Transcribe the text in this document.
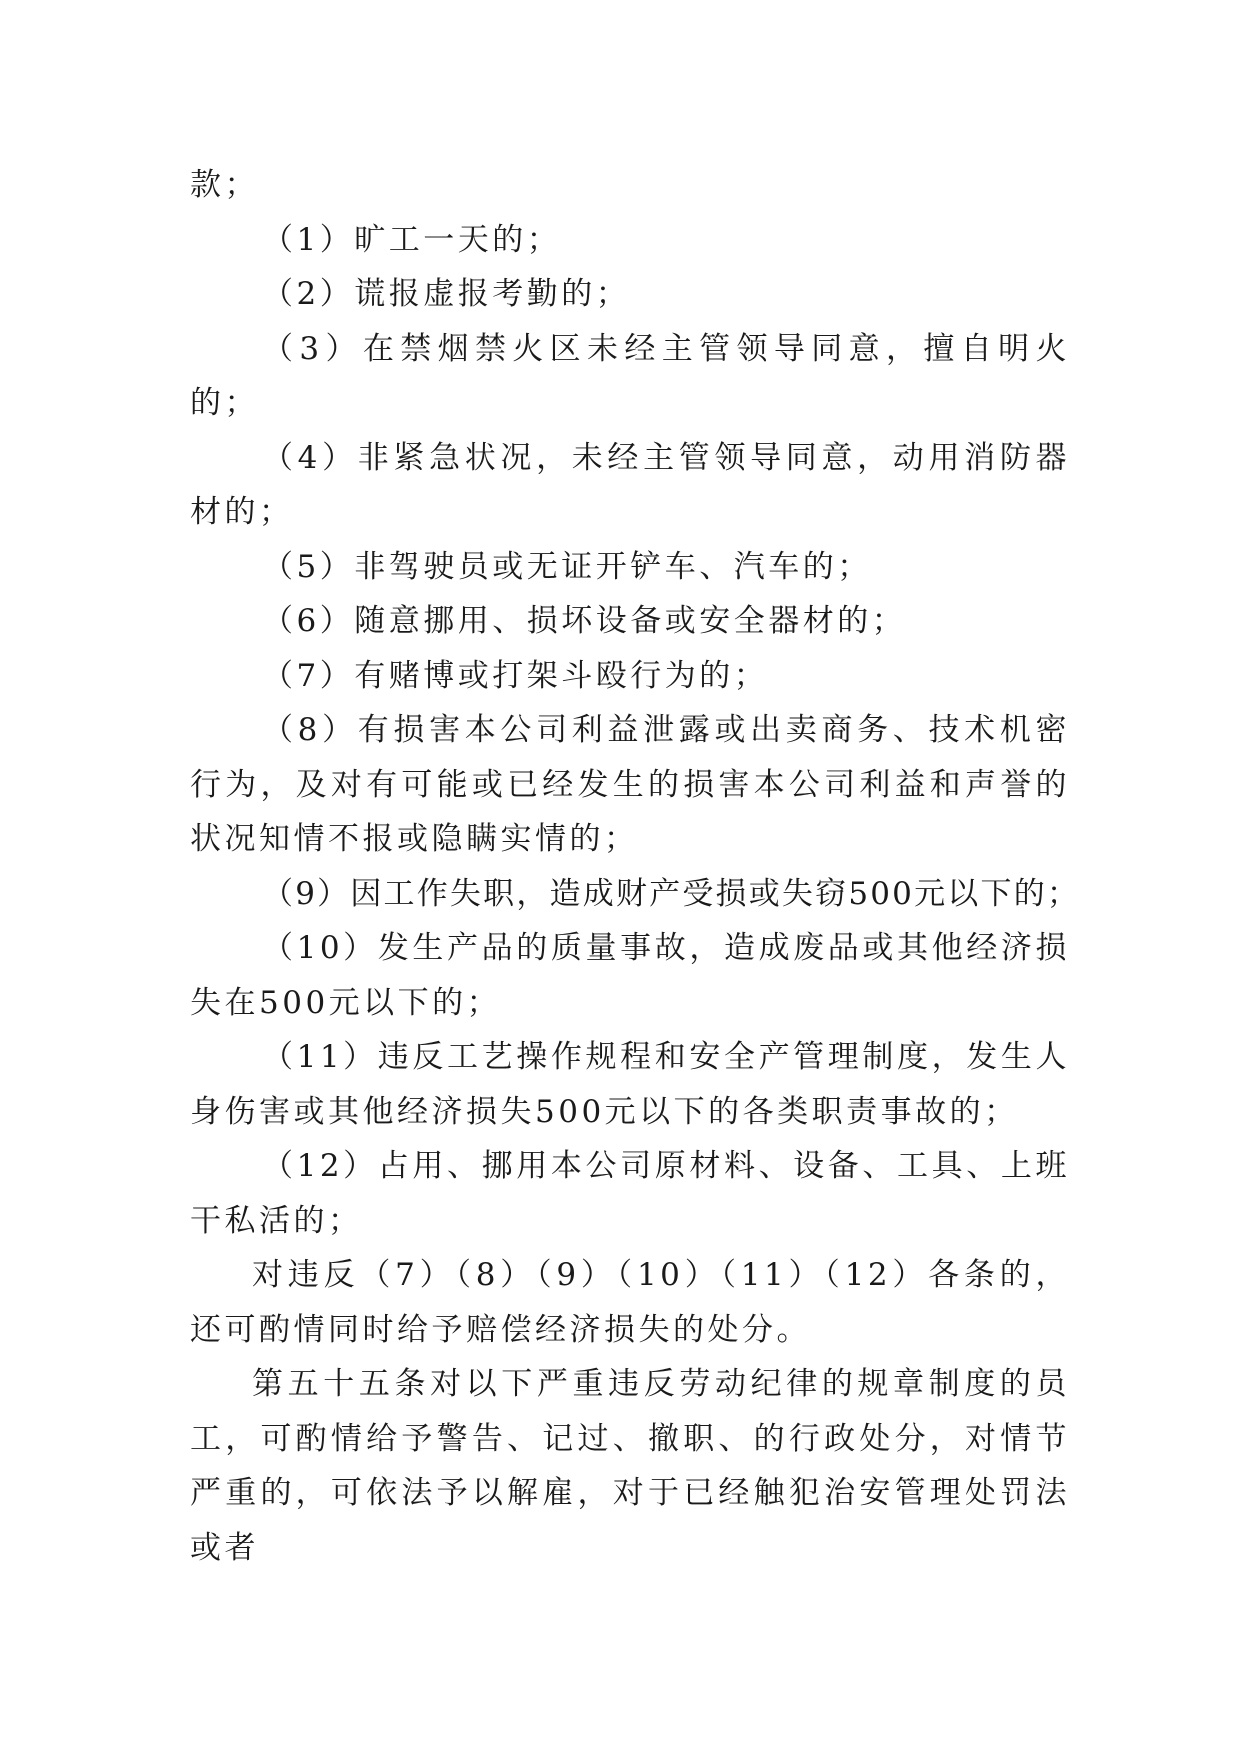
款；

（1）旷工一天的；

（2）谎报虚报考勤的；

（3）在禁烟禁火区未经主管领导同意，擅自明火的；

（4）非紧急状况，未经主管领导同意，动用消防器材的；

（5）非驾驶员或无证开铲车、汽车的；

（6）随意挪用、损坏设备或安全器材的；

（7）有赌博或打架斗殴行为的；

（8）有损害本公司利益泄露或出卖商务、技术机密行为，及对有可能或已经发生的损害本公司利益和声誉的状况知情不报或隐瞒实情的；

（9）因工作失职，造成财产受损或失窃500元以下的；

（10）发生产品的质量事故，造成废品或其他经济损失在500元以下的；

（11）违反工艺操作规程和安全产管理制度，发生人身伤害或其他经济损失500元以下的各类职责事故的；

（12）占用、挪用本公司原材料、设备、工具、上班干私活的；

对违反（7）（8）（9）（10）（11）（12）各条的，还可酌情同时给予赔偿经济损失的处分。

第五十五条对以下严重违反劳动纪律的规章制度的员工，可酌情给予警告、记过、撤职、的行政处分，对情节严重的，可依法予以解雇，对于已经触犯治安管理处罚法或者
